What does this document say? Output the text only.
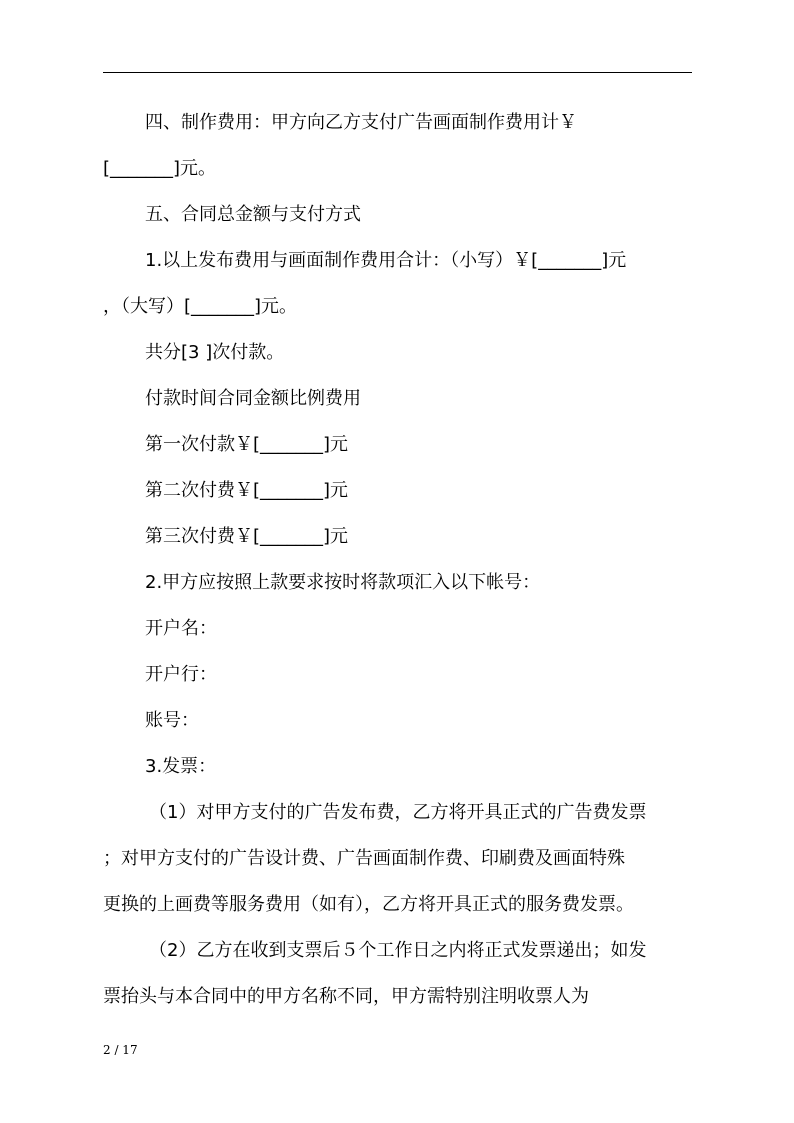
四、制作费用：甲方向乙方支付广告画面制作费用计￥

[_______]元。

五、合同总金额与支付方式

1.以上发布费用与画面制作费用合计：（小写）￥[_______]元

，（大写）[_______]元。

共分[3 ]次付款。

付款时间合同金额比例费用

第一次付款￥[_______]元

第二次付费￥[_______]元

第三次付费￥[_______]元

2.甲方应按照上款要求按时将款项汇入以下帐号：

开户名：

开户行：

账号：

3.发票：

（1）对甲方支付的广告发布费，乙方将开具正式的广告费发票

；对甲方支付的广告设计费、广告画面制作费、印刷费及画面特殊

更换的上画费等服务费用（如有），乙方将开具正式的服务费发票。

（2）乙方在收到支票后５个工作日之内将正式发票递出；如发

票抬头与本合同中的甲方名称不同，甲方需特别注明收票人为

2 / 17
